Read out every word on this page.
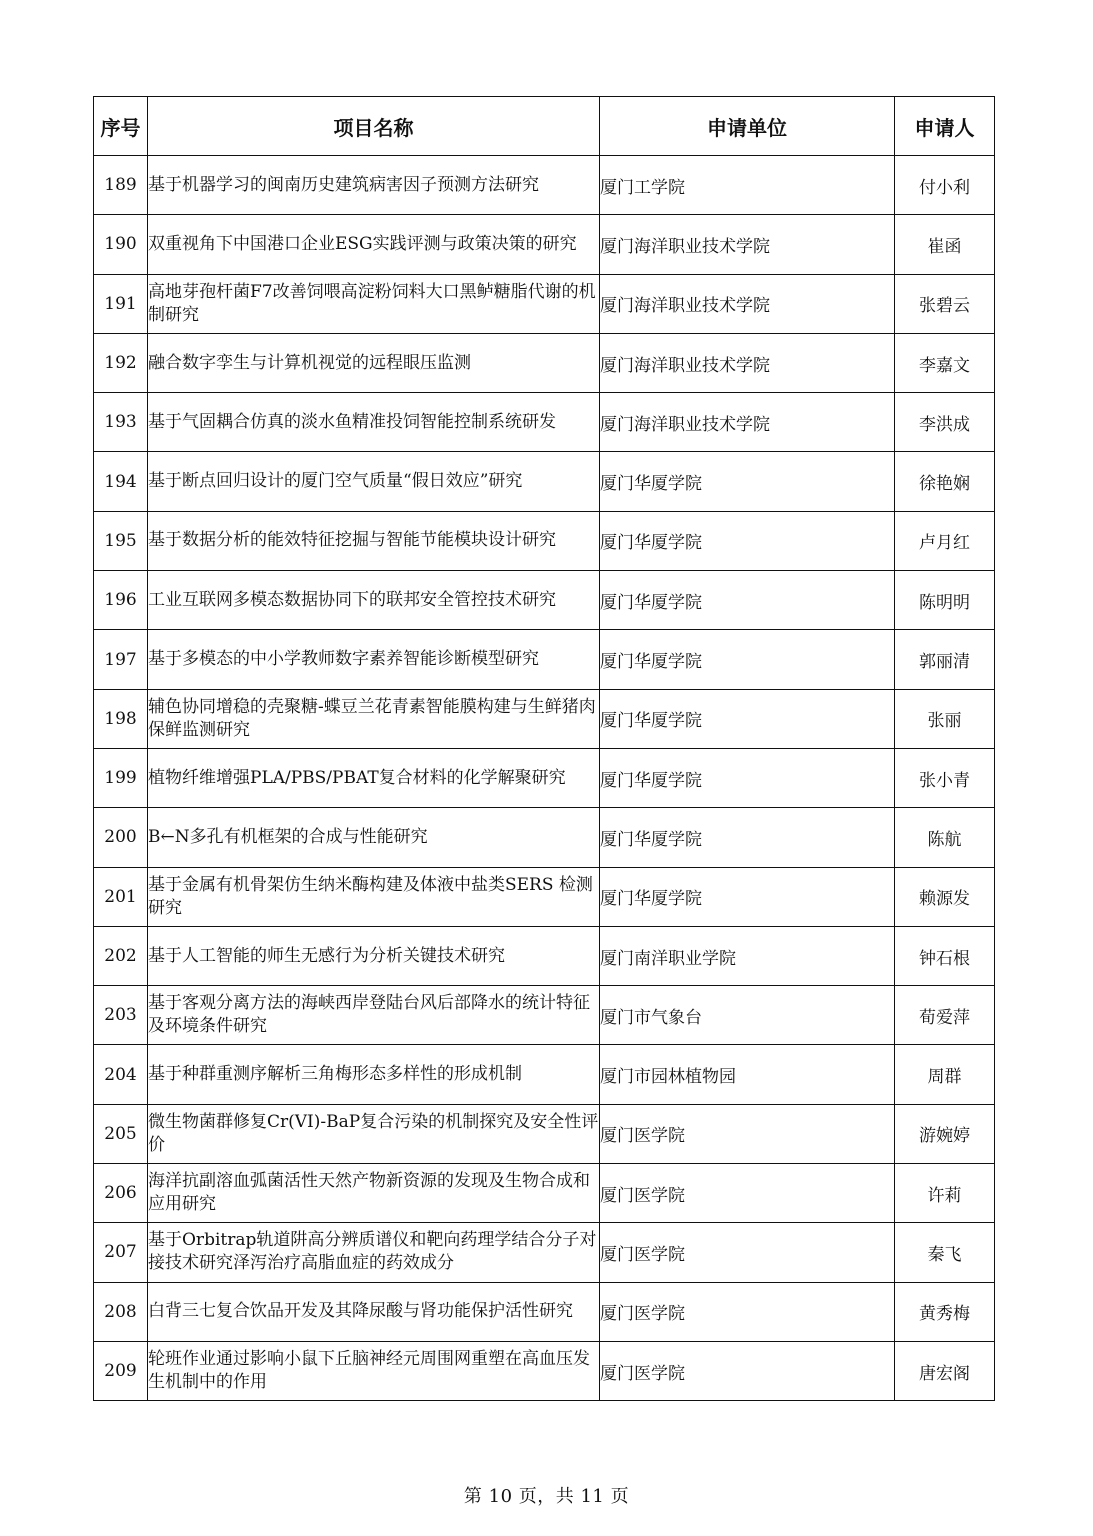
序号	项目名称	申请单位	申请人
189	基于机器学习的闽南历史建筑病害因子预测方法研究	厦门工学院	付小利
190	双重视角下中国港口企业ESG实践评测与政策决策的研究	厦门海洋职业技术学院	崔函
191	高地芽孢杆菌F7改善饲喂高淀粉饲料大口黑鲈糖脂代谢的机制研究	厦门海洋职业技术学院	张碧云
192	融合数字孪生与计算机视觉的远程眼压监测	厦门海洋职业技术学院	李嘉文
193	基于气固耦合仿真的淡水鱼精准投饲智能控制系统研发	厦门海洋职业技术学院	李洪成
194	基于断点回归设计的厦门空气质量“假日效应”研究	厦门华厦学院	徐艳娴
195	基于数据分析的能效特征挖掘与智能节能模块设计研究	厦门华厦学院	卢月红
196	工业互联网多模态数据协同下的联邦安全管控技术研究	厦门华厦学院	陈明明
197	基于多模态的中小学教师数字素养智能诊断模型研究	厦门华厦学院	郭丽清
198	辅色协同增稳的壳聚糖-蝶豆兰花青素智能膜构建与生鲜猪肉保鲜监测研究	厦门华厦学院	张丽
199	植物纤维增强PLA/PBS/PBAT复合材料的化学解聚研究	厦门华厦学院	张小青
200	B←N多孔有机框架的合成与性能研究	厦门华厦学院	陈航
201	基于金属有机骨架仿生纳米酶构建及体液中盐类SERS 检测研究	厦门华厦学院	赖源发
202	基于人工智能的师生无感行为分析关键技术研究	厦门南洋职业学院	钟石根
203	基于客观分离方法的海峡西岸登陆台风后部降水的统计特征及环境条件研究	厦门市气象台	荀爱萍
204	基于种群重测序解析三角梅形态多样性的形成机制	厦门市园林植物园	周群
205	微生物菌群修复Cr(VI)-BaP复合污染的机制探究及安全性评价	厦门医学院	游婉婷
206	海洋抗副溶血弧菌活性天然产物新资源的发现及生物合成和应用研究	厦门医学院	许莉
207	基于Orbitrap轨道阱高分辨质谱仪和靶向药理学结合分子对接技术研究泽泻治疗高脂血症的药效成分	厦门医学院	秦飞
208	白背三七复合饮品开发及其降尿酸与肾功能保护活性研究	厦门医学院	黄秀梅
209	轮班作业通过影响小鼠下丘脑神经元周围网重塑在高血压发生机制中的作用	厦门医学院	唐宏阁
第 10 页，共 11 页
